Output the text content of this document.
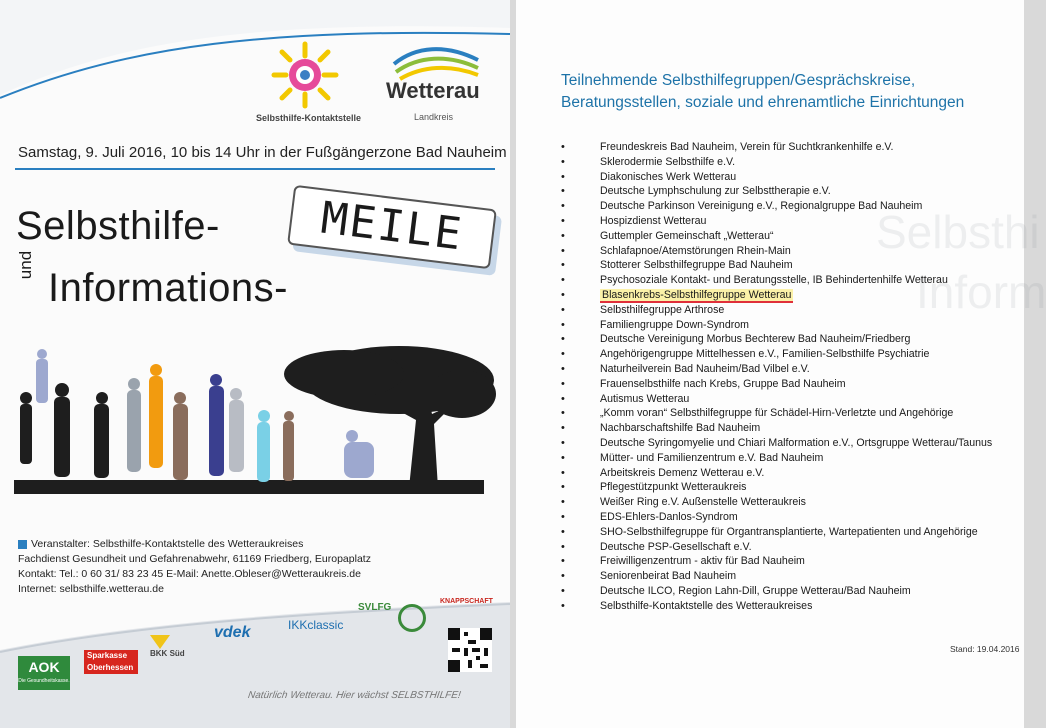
Selbsthilfe-Kontaktstelle
Wetterau
Landkreis
Samstag, 9. Juli 2016, 10 bis 14 Uhr in der Fußgängerzone Bad Nauheim
Selbsthilfe-
und
Informations-
MEILE
Veranstalter: Selbsthilfe-Kontaktstelle des Wetteraukreises
Fachdienst Gesundheit und Gefahrenabwehr, 61169 Friedberg, Europaplatz
Kontakt: Tel.: 0 60 31/ 83 23 45 E-Mail: Anette.Obleser@Wetteraukreis.de
Internet: selbsthilfe.wetterau.de
AOK
Die Gesundheitskasse.
Sparkasse
Oberhessen
BKK Süd
vdek	IKKclassic
SVLFG
KNAPPSCHAFT
Natürlich Wetterau. Hier wächst SELBSTHILFE!
Selbsthi
Inform
Teilnehmende Selbsthilfegruppen/Gesprächskreise,
Beratungsstellen, soziale und ehrenamtliche Einrichtungen
• Freundeskreis Bad Nauheim, Verein für Suchtkrankenhilfe e.V.
• Sklerodermie Selbsthilfe e.V.
• Diakonisches Werk Wetterau
• Deutsche Lymphschulung zur Selbsttherapie e.V.
• Deutsche Parkinson Vereinigung e.V., Regionalgruppe Bad Nauheim
• Hospizdienst Wetterau
• Guttempler Gemeinschaft „Wetterau“
• Schlafapnoe/Atemstörungen Rhein-Main
• Stotterer Selbsthilfegruppe Bad Nauheim
• Psychosoziale Kontakt- und Beratungsstelle, IB Behindertenhilfe Wetterau
• Blasenkrebs-Selbsthilfegruppe Wetterau
• Selbsthilfegruppe Arthrose
• Familiengruppe Down-Syndrom
• Deutsche Vereinigung Morbus Bechterew Bad Nauheim/Friedberg
• Angehörigengruppe Mittelhessen e.V., Familien-Selbsthilfe Psychiatrie
• Naturheilverein Bad Nauheim/Bad Vilbel e.V.
• Frauenselbsthilfe nach Krebs, Gruppe Bad Nauheim
• Autismus Wetterau
• „Komm voran“ Selbsthilfegruppe für Schädel-Hirn-Verletzte und Angehörige
• Nachbarschaftshilfe Bad Nauheim
• Deutsche Syringomyelie und Chiari Malformation e.V., Ortsgruppe Wetterau/Taunus
• Mütter- und Familienzentrum e.V. Bad Nauheim
• Arbeitskreis Demenz Wetterau e.V.
• Pflegestützpunkt Wetteraukreis
• Weißer Ring e.V. Außenstelle Wetteraukreis
• EDS-Ehlers-Danlos-Syndrom
• SHO-Selbsthilfegruppe für Organtransplantierte, Wartepatienten und Angehörige
• Deutsche PSP-Gesellschaft e.V.
• Freiwilligenzentrum - aktiv für Bad Nauheim
• Seniorenbeirat Bad Nauheim
• Deutsche ILCO, Region Lahn-Dill, Gruppe Wetterau/Bad Nauheim
• Selbsthilfe-Kontaktstelle des Wetteraukreises
Stand: 19.04.2016
